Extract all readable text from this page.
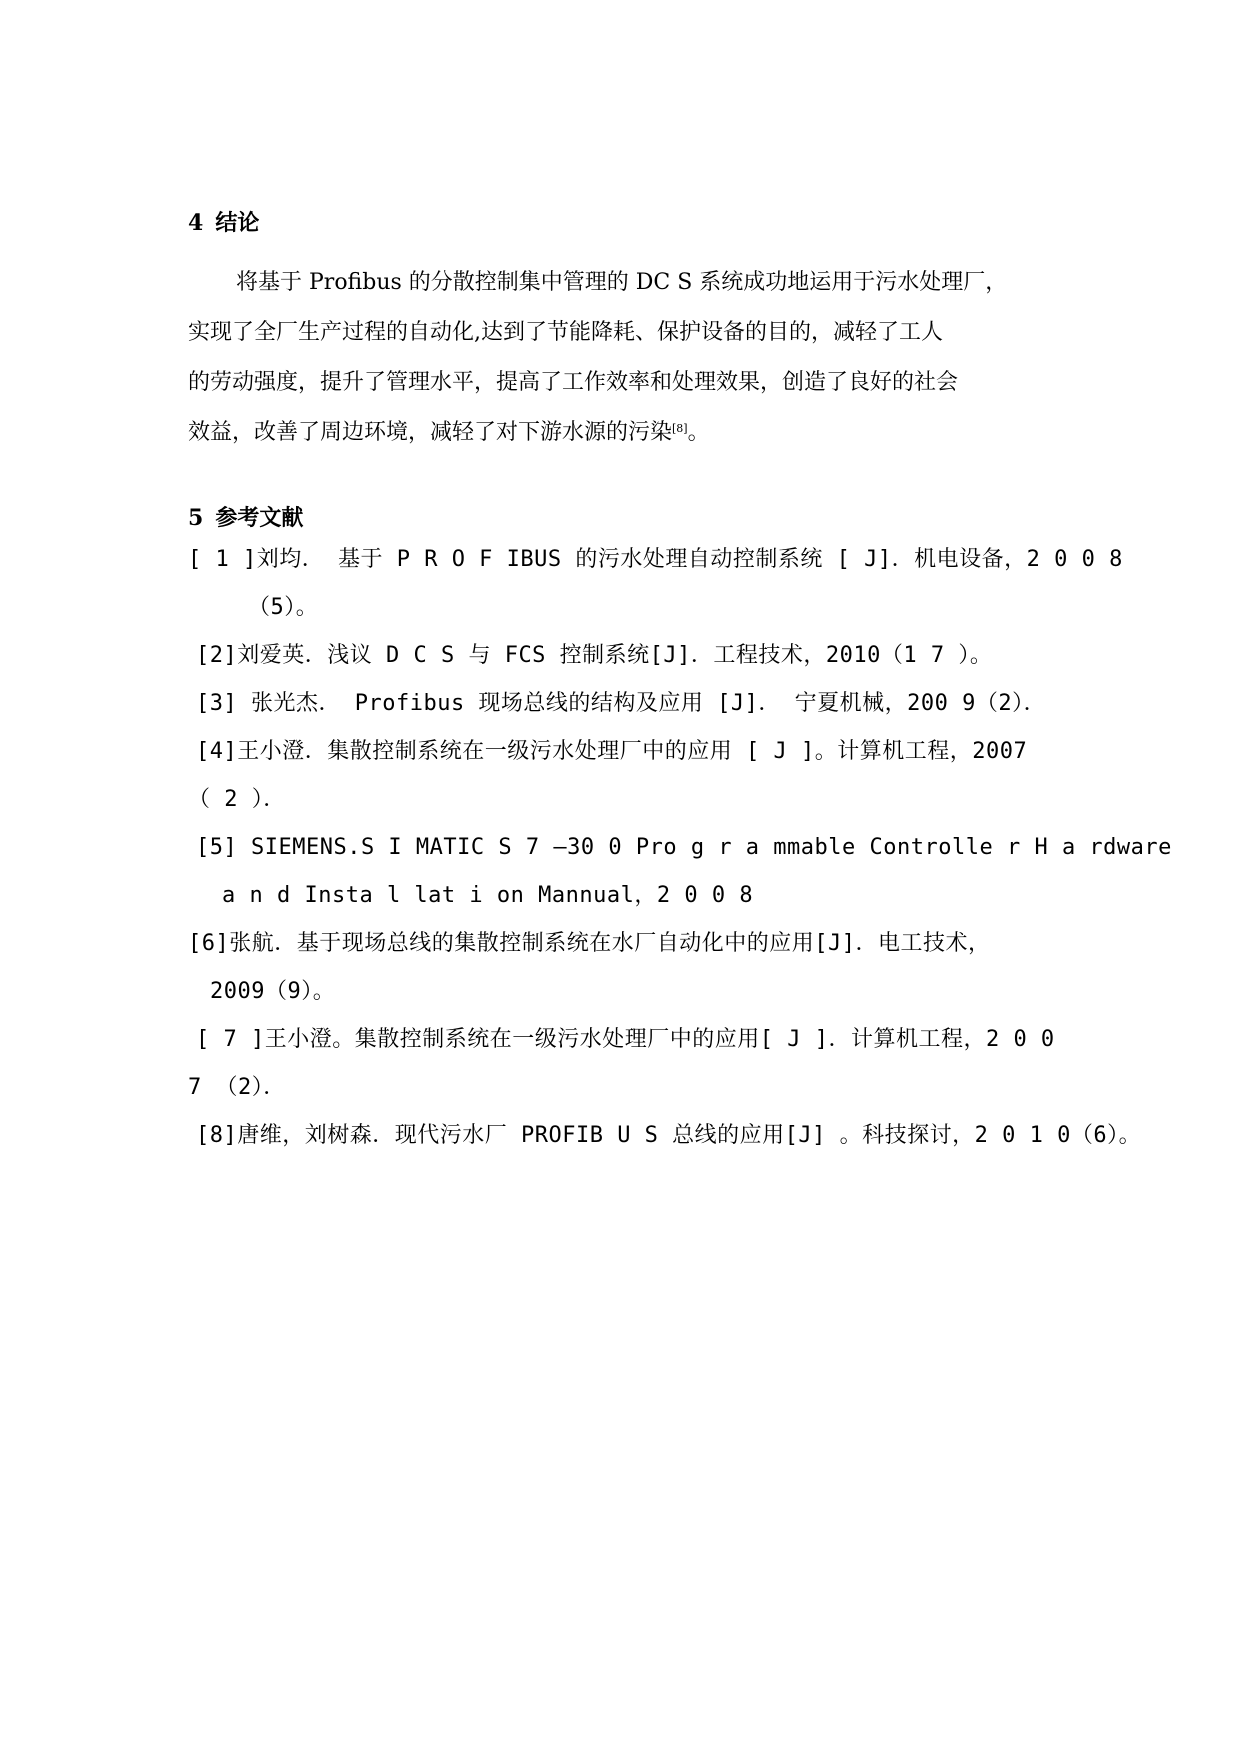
4 结论
将基于 Profibus 的分散控制集中管理的 DC S 系统成功地运用于污水处理厂，
实现了全厂生产过程的自动化,达到了节能降耗、保护设备的目的，减轻了工人
的劳动强度，提升了管理水平，提高了工作效率和处理效果，创造了良好的社会
效益，改善了周边环境，减轻了对下游水源的污染[8]。
5 参考文献
[ 1 ]刘均． 基于 P R O F IBUS 的污水处理自动控制系统 [ J]．机电设备，2 0 0 8
（5）。
[2]刘爱英．浅议 D C S 与 FCS 控制系统[J]．工程技术，2010（1 7 ）。
[3] 张光杰． Profibus 现场总线的结构及应用 [J]． 宁夏机械，200 9（2）．
[4]王小澄．集散控制系统在一级污水处理厂中的应用 [ J ]。计算机工程，2007
（ 2 ）．
[5] SIEMENS.S I MATIC S 7 —30 0 Pro g r a mmable Controlle r H a rdware
a n d Insta l lat i on Mannual，2 0 0 8
[6]张航．基于现场总线的集散控制系统在水厂自动化中的应用[J]．电工技术，
2009（9）。
[ 7 ]王小澄。集散控制系统在一级污水处理厂中的应用[ J ]．计算机工程，2 0 0
7 （2）．
[8]唐维，刘树森．现代污水厂 PROFIB U S 总线的应用[J] 。科技探讨，2 0 1 0（6）。
